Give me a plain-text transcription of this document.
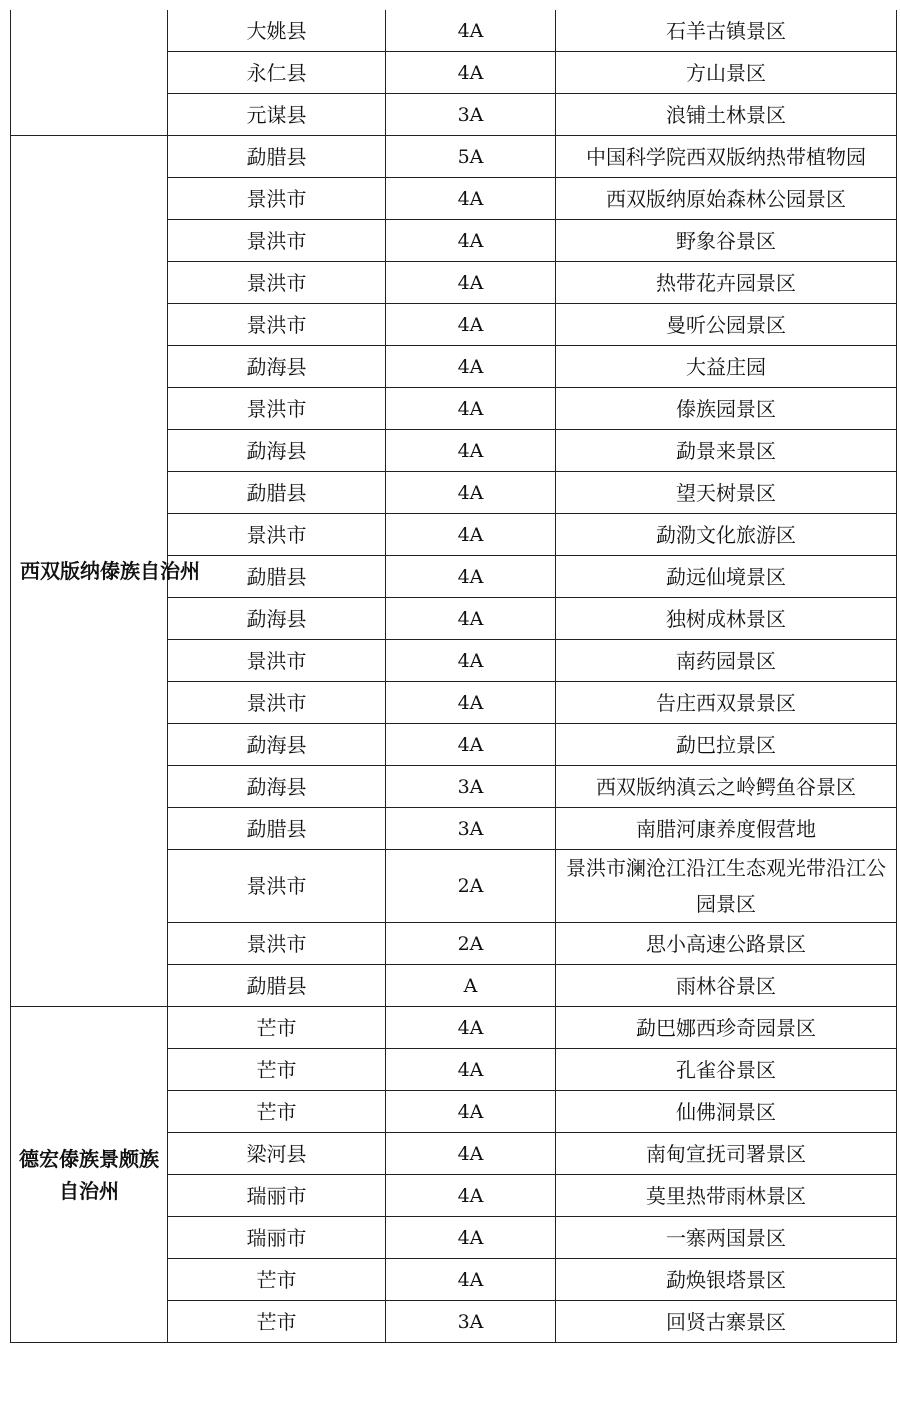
	大姚县	4A	石羊古镇景区
	永仁县	4A	方山景区
	元谋县	3A	浪铺土林景区

西双版纳傣族自治州	勐腊县	5A	中国科学院西双版纳热带植物园
	景洪市	4A	西双版纳原始森林公园景区
	景洪市	4A	野象谷景区
	景洪市	4A	热带花卉园景区
	景洪市	4A	曼听公园景区
	勐海县	4A	大益庄园
	景洪市	4A	傣族园景区
	勐海县	4A	勐景来景区
	勐腊县	4A	望天树景区
	景洪市	4A	勐泐文化旅游区
	勐腊县	4A	勐远仙境景区
	勐海县	4A	独树成林景区
	景洪市	4A	南药园景区
	景洪市	4A	告庄西双景景区
	勐海县	4A	勐巴拉景区
	勐海县	3A	西双版纳滇云之岭鳄鱼谷景区
	勐腊县	3A	南腊河康养度假营地
	景洪市	2A	景洪市澜沧江沿江生态观光带沿江公园景区
	景洪市	2A	思小高速公路景区
	勐腊县	A	雨林谷景区

德宏傣族景颇族自治州	芒市	4A	勐巴娜西珍奇园景区
	芒市	4A	孔雀谷景区
	芒市	4A	仙佛洞景区
	梁河县	4A	南甸宣抚司署景区
	瑞丽市	4A	莫里热带雨林景区
	瑞丽市	4A	一寨两国景区
	芒市	4A	勐焕银塔景区
	芒市	3A	回贤古寨景区
